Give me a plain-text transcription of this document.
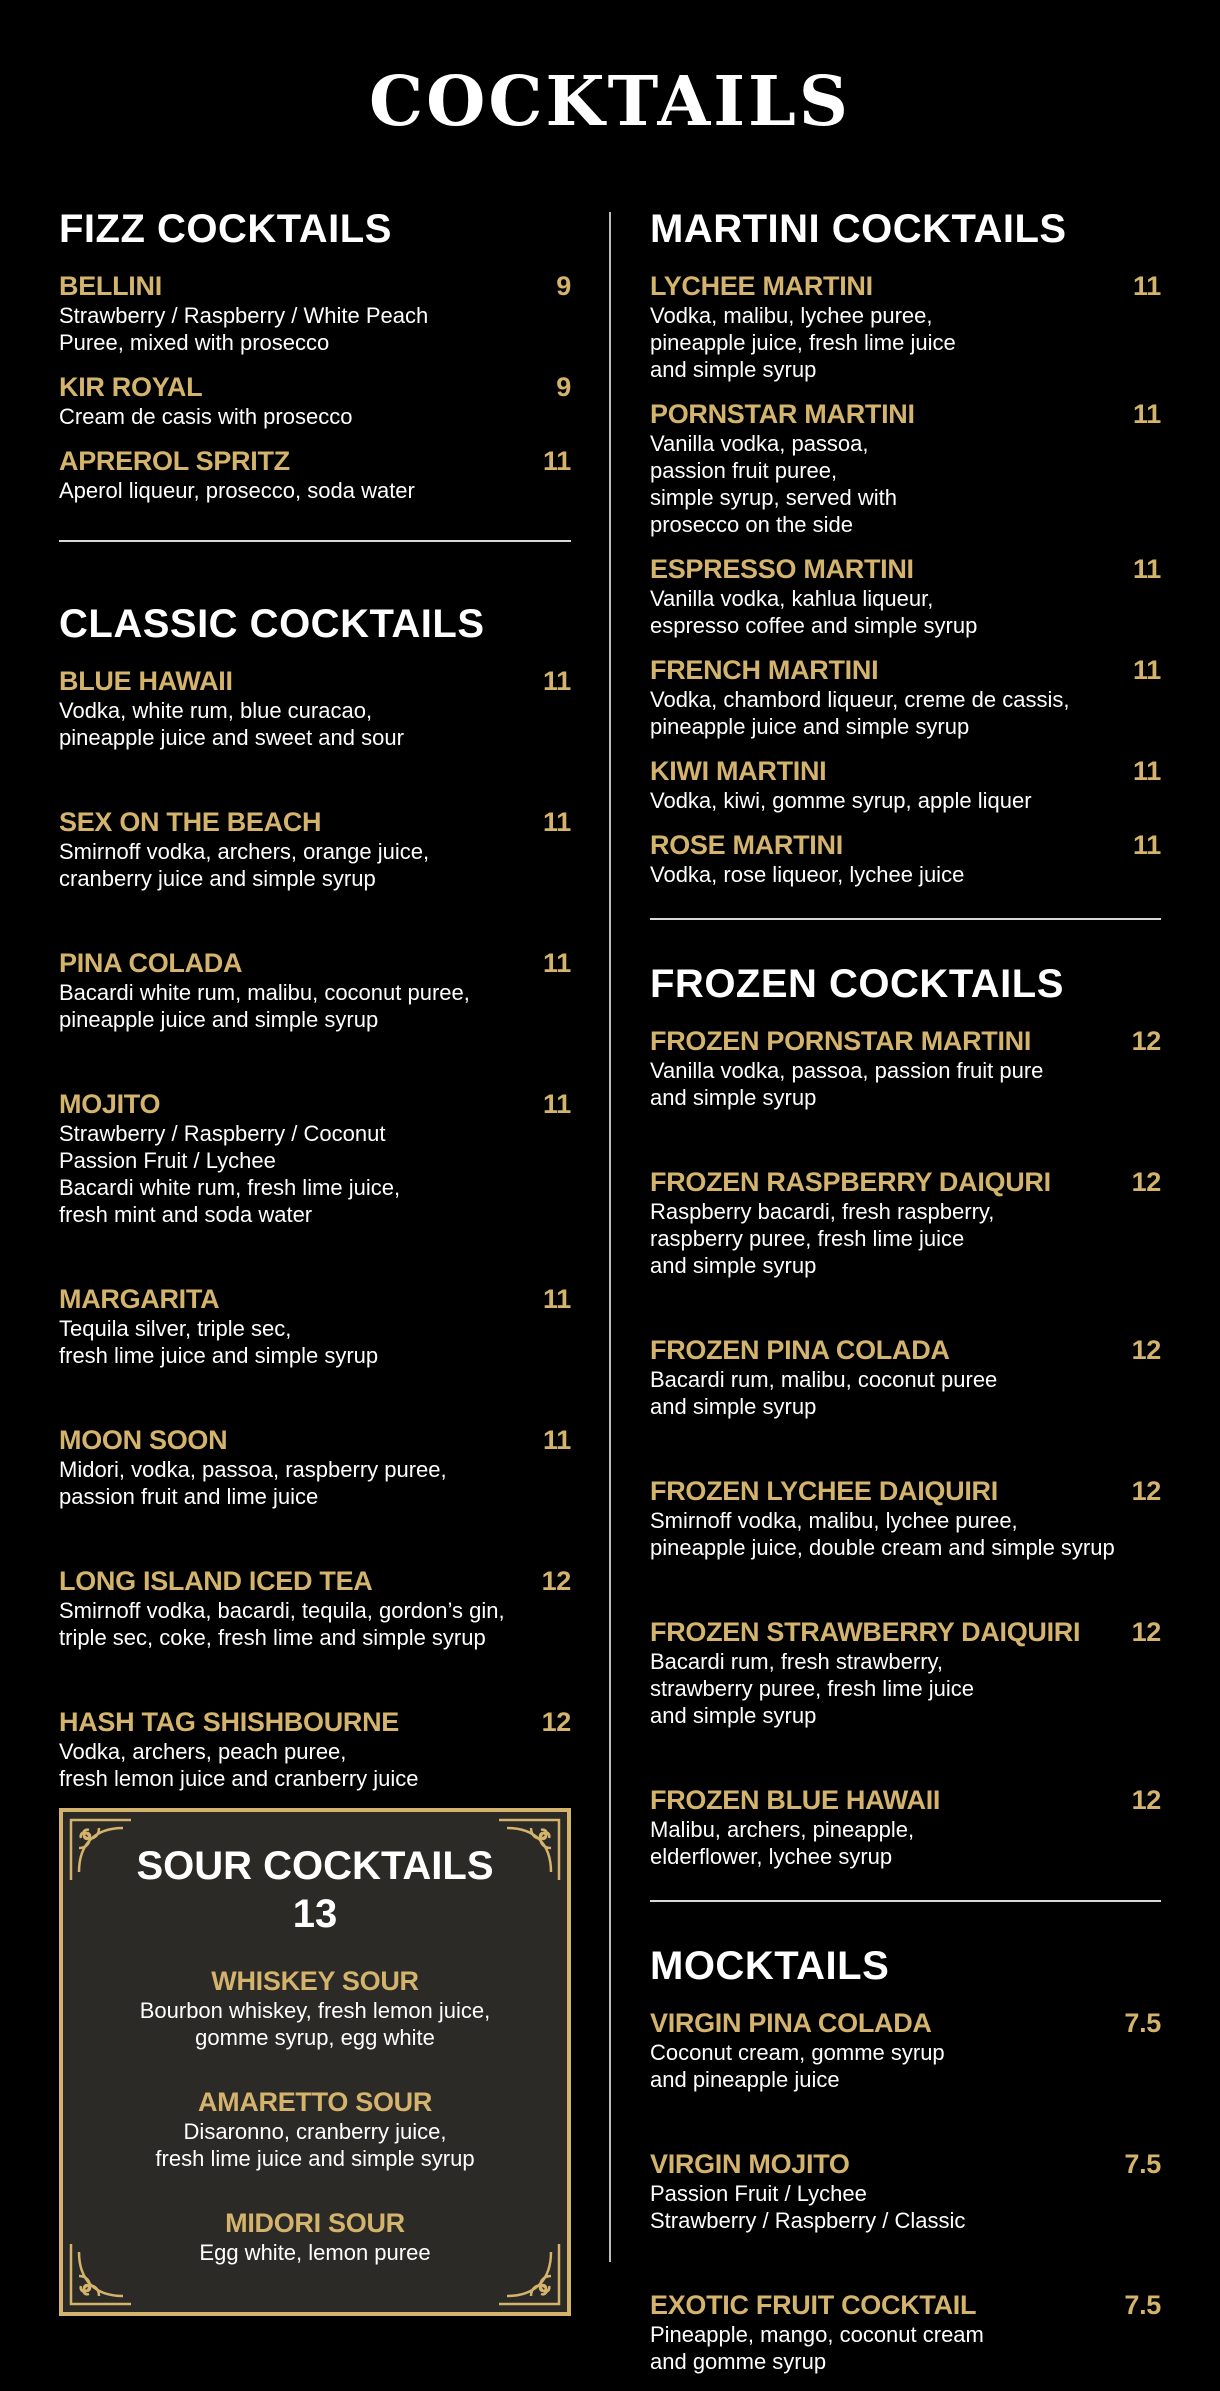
COCKTAILS
FIZZ COCKTAILS
BELLINI	9
Strawberry / Raspberry / White Peach
Puree, mixed with prosecco
KIR ROYAL	9
Cream de casis with prosecco
APREROL SPRITZ	11
Aperol liqueur, prosecco, soda water
CLASSIC COCKTAILS
BLUE HAWAII	11
Vodka, white rum, blue curacao,
pineapple juice and sweet and sour
SEX ON THE BEACH	11
Smirnoff vodka, archers, orange juice,
cranberry juice and simple syrup
PINA COLADA	11
Bacardi white rum, malibu, coconut puree,
pineapple juice and simple syrup
MOJITO	11
Strawberry / Raspberry / Coconut
Passion Fruit / Lychee
Bacardi white rum, fresh lime juice,
fresh mint and soda water
MARGARITA	11
Tequila silver, triple sec,
fresh lime juice and simple syrup
MOON SOON	11
Midori, vodka, passoa, raspberry puree,
passion fruit and lime juice
LONG ISLAND ICED TEA	12
Smirnoff vodka, bacardi, tequila, gordon’s gin,
triple sec, coke, fresh lime and simple syrup
HASH TAG SHISHBOURNE	12
Vodka, archers, peach puree,
fresh lemon juice and cranberry juice
SOUR COCKTAILS
13
WHISKEY SOUR
Bourbon whiskey, fresh lemon juice,
gomme syrup, egg white
AMARETTO SOUR
Disaronno, cranberry juice,
fresh lime juice and simple syrup
MIDORI SOUR
Egg white, lemon puree
MARTINI COCKTAILS
LYCHEE MARTINI	11
Vodka, malibu, lychee puree,
pineapple juice, fresh lime juice
and simple syrup
PORNSTAR MARTINI	11
Vanilla vodka, passoa,
passion fruit puree,
simple syrup, served with
prosecco on the side
ESPRESSO MARTINI	11
Vanilla vodka, kahlua liqueur,
espresso coffee and simple syrup
FRENCH MARTINI	11
Vodka, chambord liqueur, creme de cassis,
pineapple juice and simple syrup
KIWI MARTINI	11
Vodka, kiwi, gomme syrup, apple liquer
ROSE MARTINI	11
Vodka, rose liqueor, lychee juice
FROZEN COCKTAILS
FROZEN PORNSTAR MARTINI	12
Vanilla vodka, passoa, passion fruit pure
and simple syrup
FROZEN RASPBERRY DAIQURI	12
Raspberry bacardi, fresh raspberry,
raspberry puree, fresh lime juice
and simple syrup
FROZEN PINA COLADA	12
Bacardi rum, malibu, coconut puree
and simple syrup
FROZEN LYCHEE DAIQUIRI	12
Smirnoff vodka, malibu, lychee puree,
pineapple juice, double cream and simple syrup
FROZEN STRAWBERRY DAIQUIRI 12
Bacardi rum, fresh strawberry,
strawberry puree, fresh lime juice
and simple syrup
FROZEN BLUE HAWAII	12
Malibu, archers, pineapple,
elderflower, lychee syrup
MOCKTAILS
VIRGIN PINA COLADA	7.5
Coconut cream, gomme syrup
and pineapple juice
VIRGIN MOJITO	7.5
Passion Fruit / Lychee
Strawberry / Raspberry / Classic
EXOTIC FRUIT COCKTAIL	7.5
Pineapple, mango, coconut cream
and gomme syrup
